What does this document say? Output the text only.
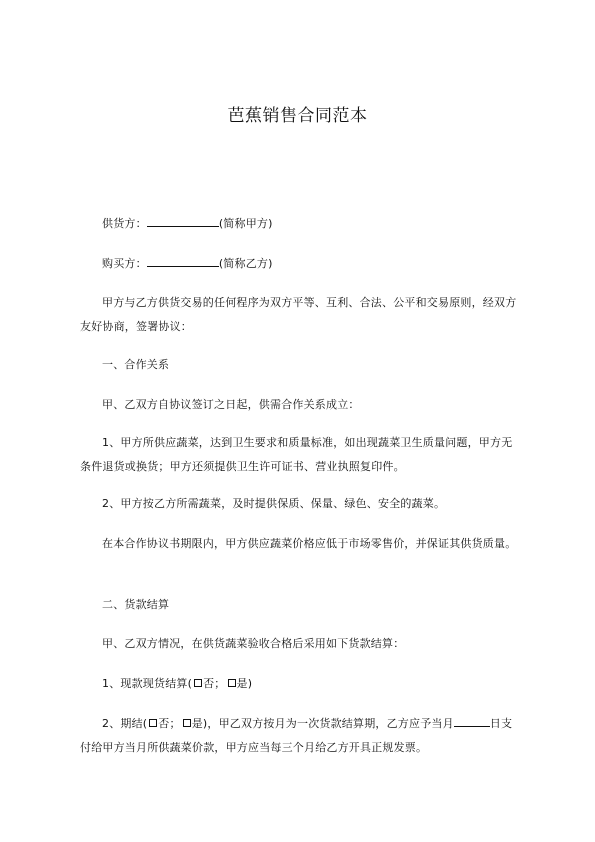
芭蕉销售合同范本
供货方：	(简称甲方)
购买方：	(简称乙方)
甲方与乙方供货交易的任何程序为双方平等、互利、合法、公平和交易原则，经双方友好协商，签署协议：
一、合作关系
甲、乙双方自协议签订之日起，供需合作关系成立：
1、甲方所供应蔬菜，达到卫生要求和质量标准，如出现蔬菜卫生质量问题，甲方无条件退货或换货；甲方还须提供卫生许可证书、营业执照复印件。
2、甲方按乙方所需蔬菜，及时提供保质、保量、绿色、安全的蔬菜。
在本合作协议书期限内，甲方供应蔬菜价格应低于市场零售价，并保证其供货质量。
二、货款结算
甲、乙双方情况，在供货蔬菜验收合格后采用如下货款结算：
1、现款现货结算( 否； 是)
2、期结( 否； 是)，甲乙双方按月为一次货款结算期，乙方应予当月	日支付给甲方当月所供蔬菜价款，甲方应当每三个月给乙方开具正规发票。
